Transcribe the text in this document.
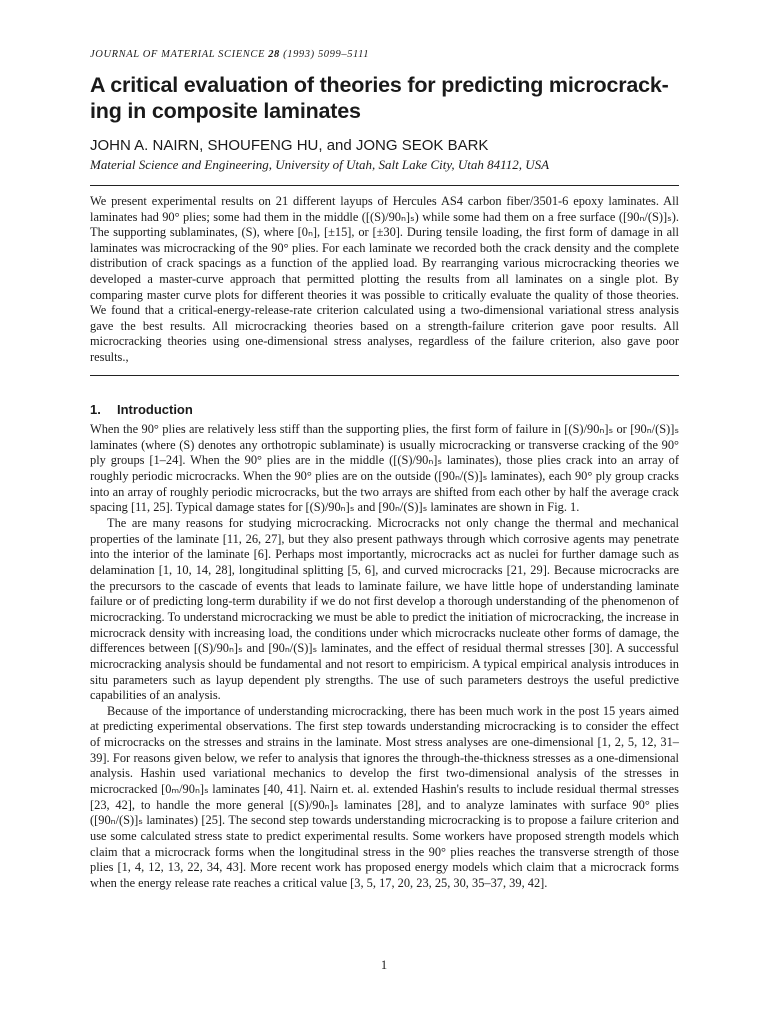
JOURNAL OF MATERIAL SCIENCE 28 (1993) 5099–5111
A critical evaluation of theories for predicting microcrack-ing in composite laminates
JOHN A. NAIRN, SHOUFENG HU, and JONG SEOK BARK
Material Science and Engineering, University of Utah, Salt Lake City, Utah 84112, USA
We present experimental results on 21 different layups of Hercules AS4 carbon fiber/3501-6 epoxy laminates. All laminates had 90° plies; some had them in the middle ([(S)/90ₙ]ₛ) while some had them on a free surface ([90ₙ/(S)]ₛ). The supporting sublaminates, (S), where [0ₙ], [±15], or [±30]. During tensile loading, the first form of damage in all laminates was microcracking of the 90° plies. For each laminate we recorded both the crack density and the complete distribution of crack spacings as a function of the applied load. By rearranging various microcracking theories we developed a master-curve approach that permitted plotting the results from all laminates on a single plot. By comparing master curve plots for different theories it was possible to critically evaluate the quality of those theories. We found that a critical-energy-release-rate criterion calculated using a two-dimensional variational stress analysis gave the best results. All microcracking theories based on a strength-failure criterion gave poor results. All microcracking theories using one-dimensional stress analyses, regardless of the failure criterion, also gave poor results.,
1. Introduction

When the 90° plies are relatively less stiff than the supporting plies, the first form of failure in [(S)/90ₙ]ₛ or [90ₙ/(S)]ₛ laminates (where (S) denotes any orthotropic sublaminate) is usually microcracking or transverse cracking of the 90° ply groups [1–24]. When the 90° plies are in the middle ([(S)/90ₙ]ₛ laminates), those plies crack into an array of roughly periodic microcracks. When the 90° plies are on the outside ([90ₙ/(S)]ₛ laminates), each 90° ply group cracks into an array of roughly periodic microcracks, but the two arrays are shifted from each other by half the average crack spacing [11, 25]. Typical damage states for [(S)/90ₙ]ₛ and [90ₙ/(S)]ₛ laminates are shown in Fig. 1.

The are many reasons for studying microcracking. Microcracks not only change the thermal and mechanical properties of the laminate [11, 26, 27], but they also present pathways through which corrosive agents may penetrate into the interior of the laminate [6]. Perhaps most importantly, microcracks act as nuclei for further damage such as delamination [1, 10, 14, 28], longitudinal splitting [5, 6], and curved microcracks [21, 29]. Because microcracks are the precursors to the cascade of events that leads to laminate failure, we have little hope of understanding laminate failure or of predicting long-term durability if we do not first develop a thorough understanding of the phenomenon of microcracking. To understand microcracking we must be able to predict the initiation of microcracking, the increase in microcrack density with increasing load, the conditions under which microcracks nucleate other forms of damage, the differences between [(S)/90ₙ]ₛ and [90ₙ/(S)]ₛ laminates, and the effect of residual thermal stresses [30]. A successful microcracking analysis should be fundamental and not resort to empiricism. A typical empirical analysis introduces in situ parameters such as layup dependent ply strengths. The use of such parameters destroys the useful predictive capabilities of an analysis.

Because of the importance of understanding microcracking, there has been much work in the post 15 years aimed at predicting experimental observations. The first step towards understanding microcracking is to consider the effect of microcracks on the stresses and strains in the laminate. Most stress analyses are one-dimensional [1, 2, 5, 12, 31–39]. For reasons given below, we refer to analysis that ignores the through-the-thickness stresses as a one-dimensional analysis. Hashin used variational mechanics to develop the first two-dimensional analysis of the stresses in microcracked [0ₘ/90ₙ]ₛ laminates [40, 41]. Nairn et. al. extended Hashin's results to include residual thermal stresses [23, 42], to handle the more general [(S)/90ₙ]ₛ laminates [28], and to analyze laminates with surface 90° plies ([90ₙ/(S)]ₛ laminates) [25]. The second step towards understanding microcracking is to propose a failure criterion and use some calculated stress state to predict experimental results. Some workers have proposed strength models which claim that a microcrack forms when the longitudinal stress in the 90° plies reaches the transverse strength of those plies [1, 4, 12, 13, 22, 34, 43]. More recent work has proposed energy models which claim that a microcrack forms when the energy release rate reaches a critical value [3, 5, 17, 20, 23, 25, 30, 35–37, 39, 42].

1
